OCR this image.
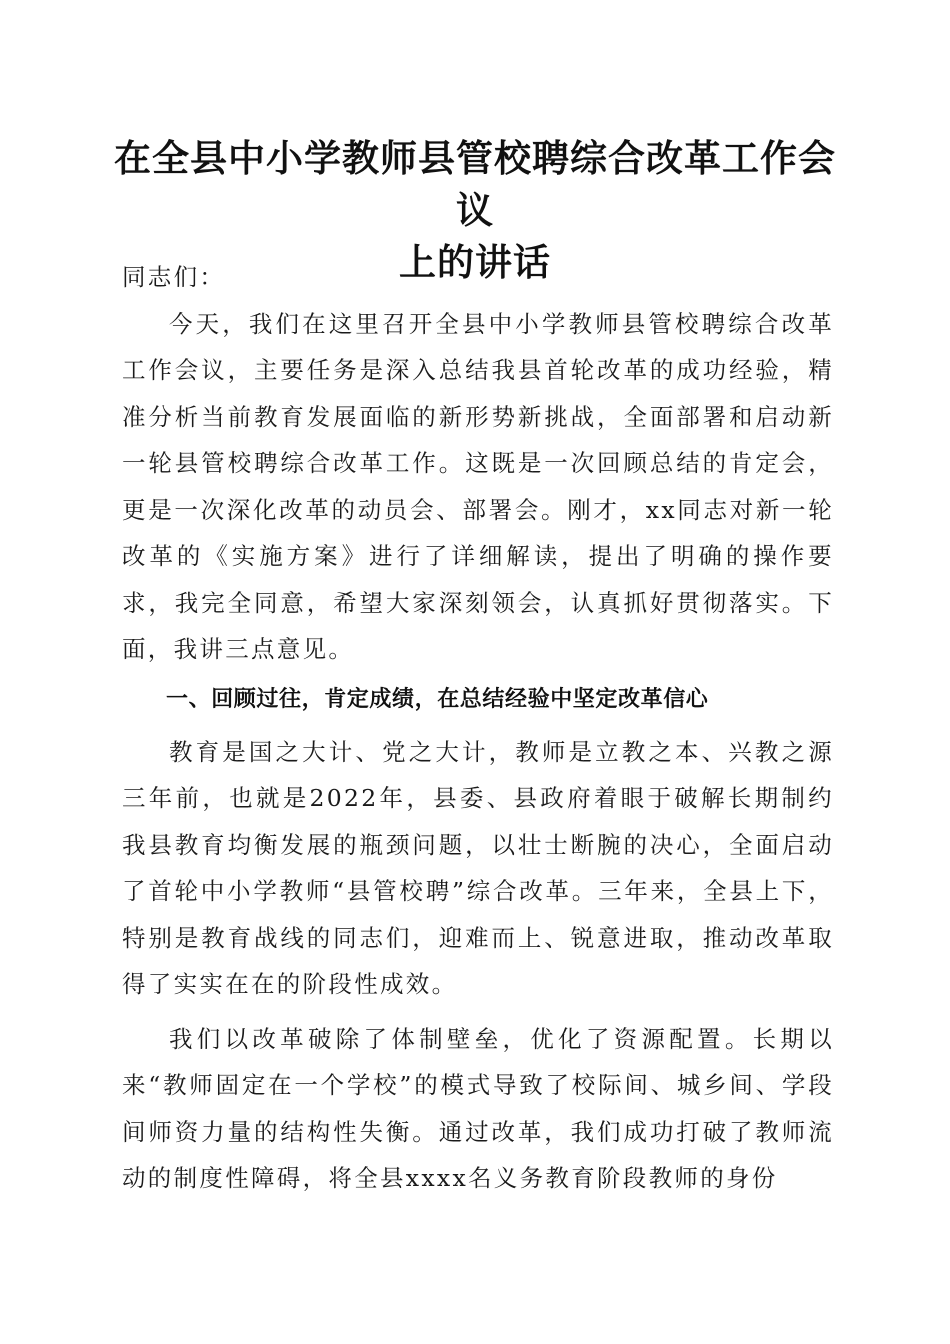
在全县中小学教师县管校聘综合改革工作会议
上的讲话

同志们：

今天，我们在这里召开全县中小学教师县管校聘综合改革工作会议，主要任务是深入总结我县首轮改革的成功经验，精准分析当前教育发展面临的新形势新挑战，全面部署和启动新一轮县管校聘综合改革工作。这既是一次回顾总结的肯定会，更是一次深化改革的动员会、部署会。刚才，xx同志对新一轮改革的《实施方案》进行了详细解读，提出了明确的操作要求，我完全同意，希望大家深刻领会，认真抓好贯彻落实。下面，我讲三点意见。

一、回顾过往，肯定成绩，在总结经验中坚定改革信心

教育是国之大计、党之大计，教师是立教之本、兴教之源三年前，也就是2022年，县委、县政府着眼于破解长期制约我县教育均衡发展的瓶颈问题，以壮士断腕的决心，全面启动了首轮中小学教师“县管校聘”综合改革。三年来，全县上下，特别是教育战线的同志们，迎难而上、锐意进取，推动改革取得了实实在在的阶段性成效。

我们以改革破除了体制壁垒，优化了资源配置。长期以来“教师固定在一个学校”的模式导致了校际间、城乡间、学段间师资力量的结构性失衡。通过改革，我们成功打破了教师流动的制度性障碍，将全县xxxx名义务教育阶段教师的身份
